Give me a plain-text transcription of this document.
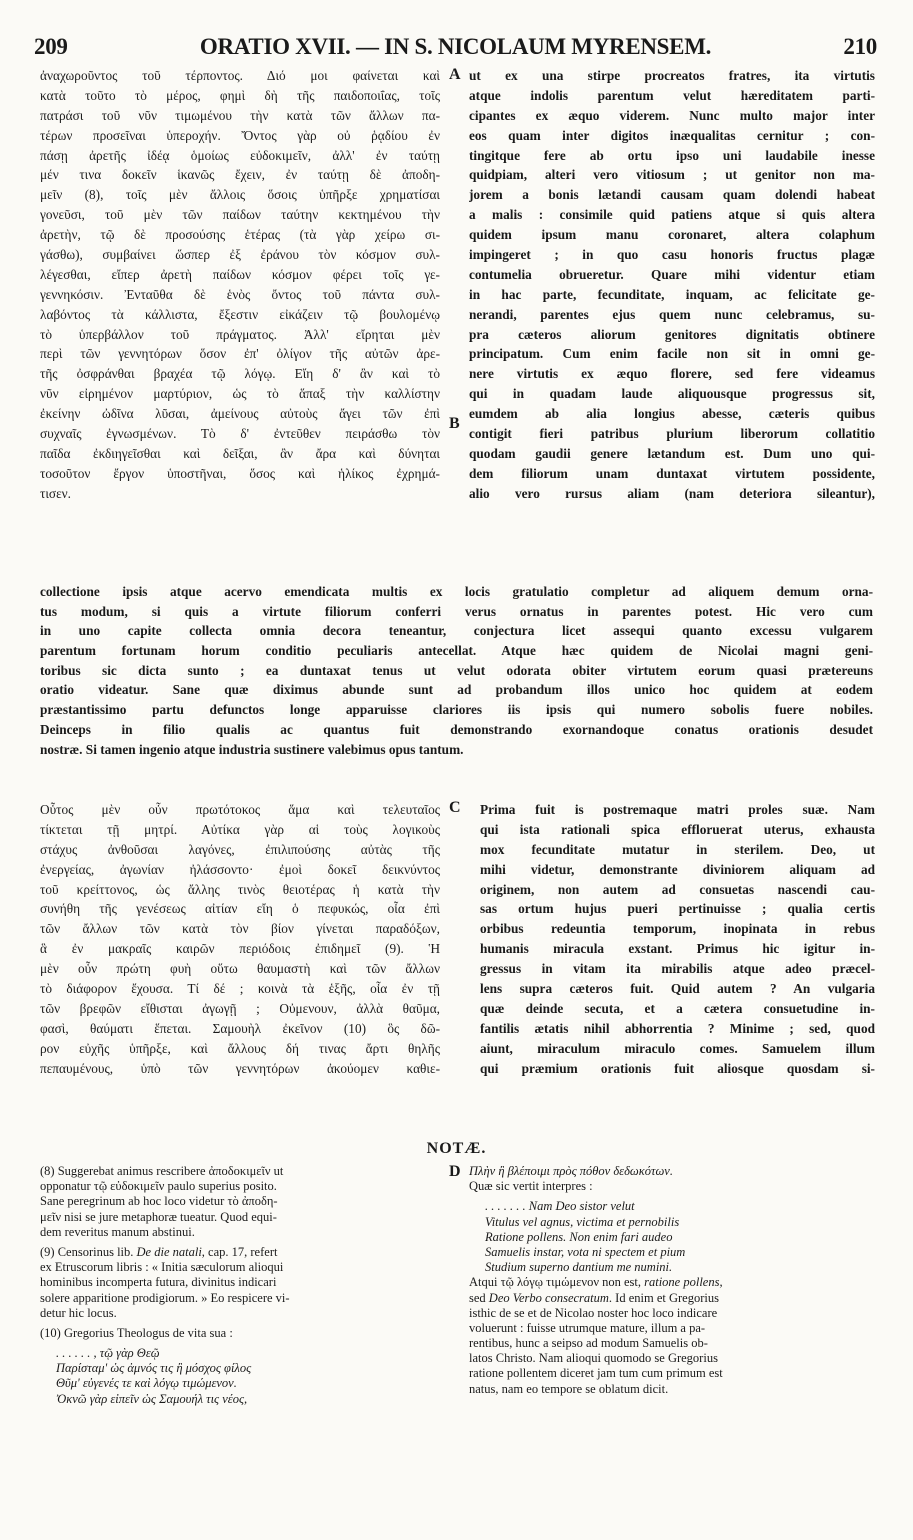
209	ORATIO XVII. — IN S. NICOLAUM MYRENSEM.	210
ἀναχωροῦντος τοῦ τέρποντος. Διό μοι φαίνεται καὶ
κατὰ τοῦτο τὸ μέρος, φημὶ δὴ τῆς παιδοποιΐας, τοῖς
πατράσι τοῦ νῦν τιμωμένου τὴν κατὰ τῶν ἄλλων πα-
τέρων προσεῖναι ὑπεροχήν. Ὄντος γὰρ οὐ ῥᾳδίου ἐν
πάσῃ ἀρετῆς ἰδέᾳ ὁμοίως εὐδοκιμεῖν, ἀλλ' ἐν ταύτῃ
μέν τινα δοκεῖν ἱκανῶς ἔχειν, ἐν ταύτῃ δὲ ἀποδη-
μεῖν (8), τοῖς μὲν ἄλλοις ὅσοις ὑπῆρξε χρηματίσαι
γονεῦσι, τοῦ μὲν τῶν παίδων ταύτην κεκτημένου τὴν
ἀρετὴν, τῷ δὲ προσούσης ἑτέρας (τὰ γὰρ χείρω σι-
γάσθω), συμβαίνει ὥσπερ ἐξ ἐράνου τὸν κόσμον συλ-
λέγεσθαι, εἴπερ ἀρετὴ παίδων κόσμον φέρει τοῖς γε-
γεννηκόσιν. Ἐνταῦθα δὲ ἑνὸς ὄντος τοῦ πάντα συλ-
λαβόντος τὰ κάλλιστα, ἔξεστιν εἰκάζειν τῷ βουλομένῳ
τὸ ὑπερβάλλον τοῦ πράγματος. Ἀλλ' εἴρηται μὲν
περὶ τῶν γεννητόρων ὅσον ἐπ' ὀλίγον τῆς αὐτῶν ἀρε-
τῆς ὀσφράνθαι βραχέα τῷ λόγῳ. Εἴη δ' ἂν καὶ τὸ
νῦν εἰρημένον μαρτύριον, ὡς τὸ ἅπαξ τὴν καλλίστην
ἐκείνην ὠδῖνα λῦσαι, ἀμείνους αὐτοὺς ἄγει τῶν ἐπὶ
συχναῖς ἐγνωσμένων. Τὸ δ' ἐντεῦθεν πειράσθω τὸν
παῖδα ἐκδιηγεῖσθαι καὶ δεῖξαι, ἂν ἄρα καὶ δύνηται
τοσοῦτον ἔργον ὑποστῆναι, ὅσος καὶ ἡλίκος ἐχρημά-
τισεν.
ut ex una stirpe procreatos fratres, ita virtutis
atque indolis parentum velut hæreditatem parti-
cipantes ex æquo viderem. Nunc multo major inter
eos quam inter digitos inæqualitas cernitur ; con-
tingitque fere ab ortu ipso uni laudabile inesse
quidpiam, alteri vero vitiosum ; ut genitor non ma-
jorem a bonis lætandi causam quam dolendi habeat
a malis : consimile quid patiens atque si quis altera
quidem ipsum manu coronaret, altera colaphum
impingeret ; in quo casu honoris fructus plagæ
contumelia obrueretur. Quare mihi videntur etiam
in hac parte, fecunditate, inquam, ac felicitate ge-
nerandi, parentes ejus quem nunc celebramus, su-
pra cæteros aliorum genitores dignitatis obtinere
principatum. Cum enim facile non sit in omni ge-
nere virtutis ex æquo florere, sed fere videamus
qui in quadam laude aliquousque progressus sit,
eumdem ab alia longius abesse, cæteris quibus
contigit fieri patribus plurium liberorum collatitio
quodam gaudii genere lætandum est. Dum uno qui-
dem filiorum unam duntaxat virtutem possidente,
alio vero rursus aliam (nam deteriora sileantur),
A
B
collectione ipsis atque acervo emendicata multis ex locis gratulatio completur ad aliquem demum orna-
tus modum, si quis a virtute filiorum conferri verus ornatus in parentes potest. Hic vero cum
in uno capite collecta omnia decora teneantur, conjectura licet assequi quanto excessu vulgarem
parentum fortunam horum conditio peculiaris antecellat. Atque hæc quidem de Nicolai magni geni-
toribus sic dicta sunto ; ea duntaxat tenus ut velut odorata obiter virtutem eorum quasi prætereuns
oratio videatur. Sane quæ diximus abunde sunt ad probandum illos unico hoc quidem at eodem
præstantissimo partu defunctos longe apparuisse clariores iis ipsis qui numero sobolis fuere nobiles.
Deinceps in filio qualis ac quantus fuit demonstrando exornandoque conatus orationis desudet
nostræ. Si tamen ingenio atque industria sustinere valebimus opus tantum.
C
Οὗτος μὲν οὖν πρωτότοκος ἅμα καὶ τελευταῖος
τίκτεται τῇ μητρί. Αὐτίκα γὰρ αἱ τοὺς λογικοὺς
στάχυς ἀνθοῦσαι λαγόνες, ἐπιλιπούσης αὐτὰς τῆς
ἐνεργείας, ἀγωνίαν ἠλάσσοντο· ἐμοὶ δοκεῖ δεικνύντος
τοῦ κρείττονος, ὡς ἄλλης τινὸς θειοτέρας ἡ κατὰ τὴν
συνήθη τῆς γενέσεως αἰτίαν εἴη ὁ πεφυκώς, οἷα ἐπὶ
τῶν ἄλλων τῶν κατὰ τὸν βίον γίνεται παραδόξων,
ἃ ἐν μακραῖς καιρῶν περιόδοις ἐπιδημεῖ (9). Ἡ
μὲν οὖν πρώτη φυὴ οὕτω θαυμαστὴ καὶ τῶν ἄλλων
τὸ διάφορον ἔχουσα. Τί δέ ; κοινὰ τὰ ἑξῆς, οἷα ἐν τῇ
τῶν βρεφῶν εἴθισται ἀγωγῇ ; Οὐμενουν, ἀλλὰ θαῦμα,
φασὶ, θαύματι ἕπεται. Σαμουὴλ ἐκεῖνον (10) ὃς δῶ-
ρον εὐχῆς ὑπῆρξε, καὶ ἄλλους δή τινας ἄρτι θηλῆς
πεπαυμένους, ὑπὸ τῶν γεννητόρων ἀκούομεν καθιε-
Prima fuit is postremaque matri proles suæ. Nam
qui ista rationali spica effloruerat uterus, exhausta
mox fecunditate mutatur in sterilem. Deo, ut
mihi videtur, demonstrante diviniorem aliquam ad
originem, non autem ad consuetas nascendi cau-
sas ortum hujus pueri pertinuisse ; qualia certis
orbibus redeuntia temporum, inopinata in rebus
humanis miracula exstant. Primus hic igitur in-
gressus in vitam ita mirabilis atque adeo præcel-
lens supra cæteros fuit. Quid autem ? An vulgaria
quæ deinde secuta, et a cætera consuetudine in-
fantilis ætatis nihil abhorrentia ? Minime ; sed, quod
aiunt, miraculum miraculo comes. Samuelem illum
qui præmium orationis fuit aliosque quosdam si-
NOTÆ.
D
(8) Suggerebat animus rescribere ἀποδοκιμεῖν ut
opponatur τῷ εὐδοκιμεῖν paulo superius posito.
Sane peregrinum ab hoc loco videtur τὸ ἀποδη-
μεῖν nisi se jure metaphoræ tueatur. Quod equi-
dem reveritus manum abstinui.
(9) Censorinus lib. De die natali, cap. 17, refert
ex Etruscorum libris : « Initia sæculorum alioqui
hominibus incomperta futura, divinitus indicari
solere apparitione prodigiorum. » Eo respicere vi-
detur hic locus.
(10) Gregorius Theologus de vita sua :
. . . . . . , τῷ γὰρ Θεῷ
Παρίσταμ' ὡς ἀμνός τις ἢ μόσχος φίλος
Θῦμ' εὐγενές τε καὶ λόγῳ τιμώμενον.
Ὀκνῶ γὰρ εἰπεῖν ὡς Σαμουήλ τις νέος,
Πλὴν ἢ βλέποιμι πρὸς πόθον δεδωκότων.
Quæ sic vertit interpres :
. . . . . . . Nam Deo sistor velut
Vitulus vel agnus, victima et pernobilis
Ratione pollens. Non enim fari audeo
Samuelis instar, vota ni spectem et pium
Studium superno dantium me numini.
Atqui τῷ λόγῳ τιμώμενον non est, ratione pollens,
sed Deo Verbo consecratum. Id enim et Gregorius
isthic de se et de Nicolao noster hoc loco indicare
voluerunt : fuisse utrumque mature, illum a pa-
rentibus, hunc a seipso ad modum Samuelis ob-
latos Christo. Nam alioqui quomodo se Gregorius
ratione pollentem diceret jam tum cum primum est
natus, nam eo tempore se oblatum dicit.
